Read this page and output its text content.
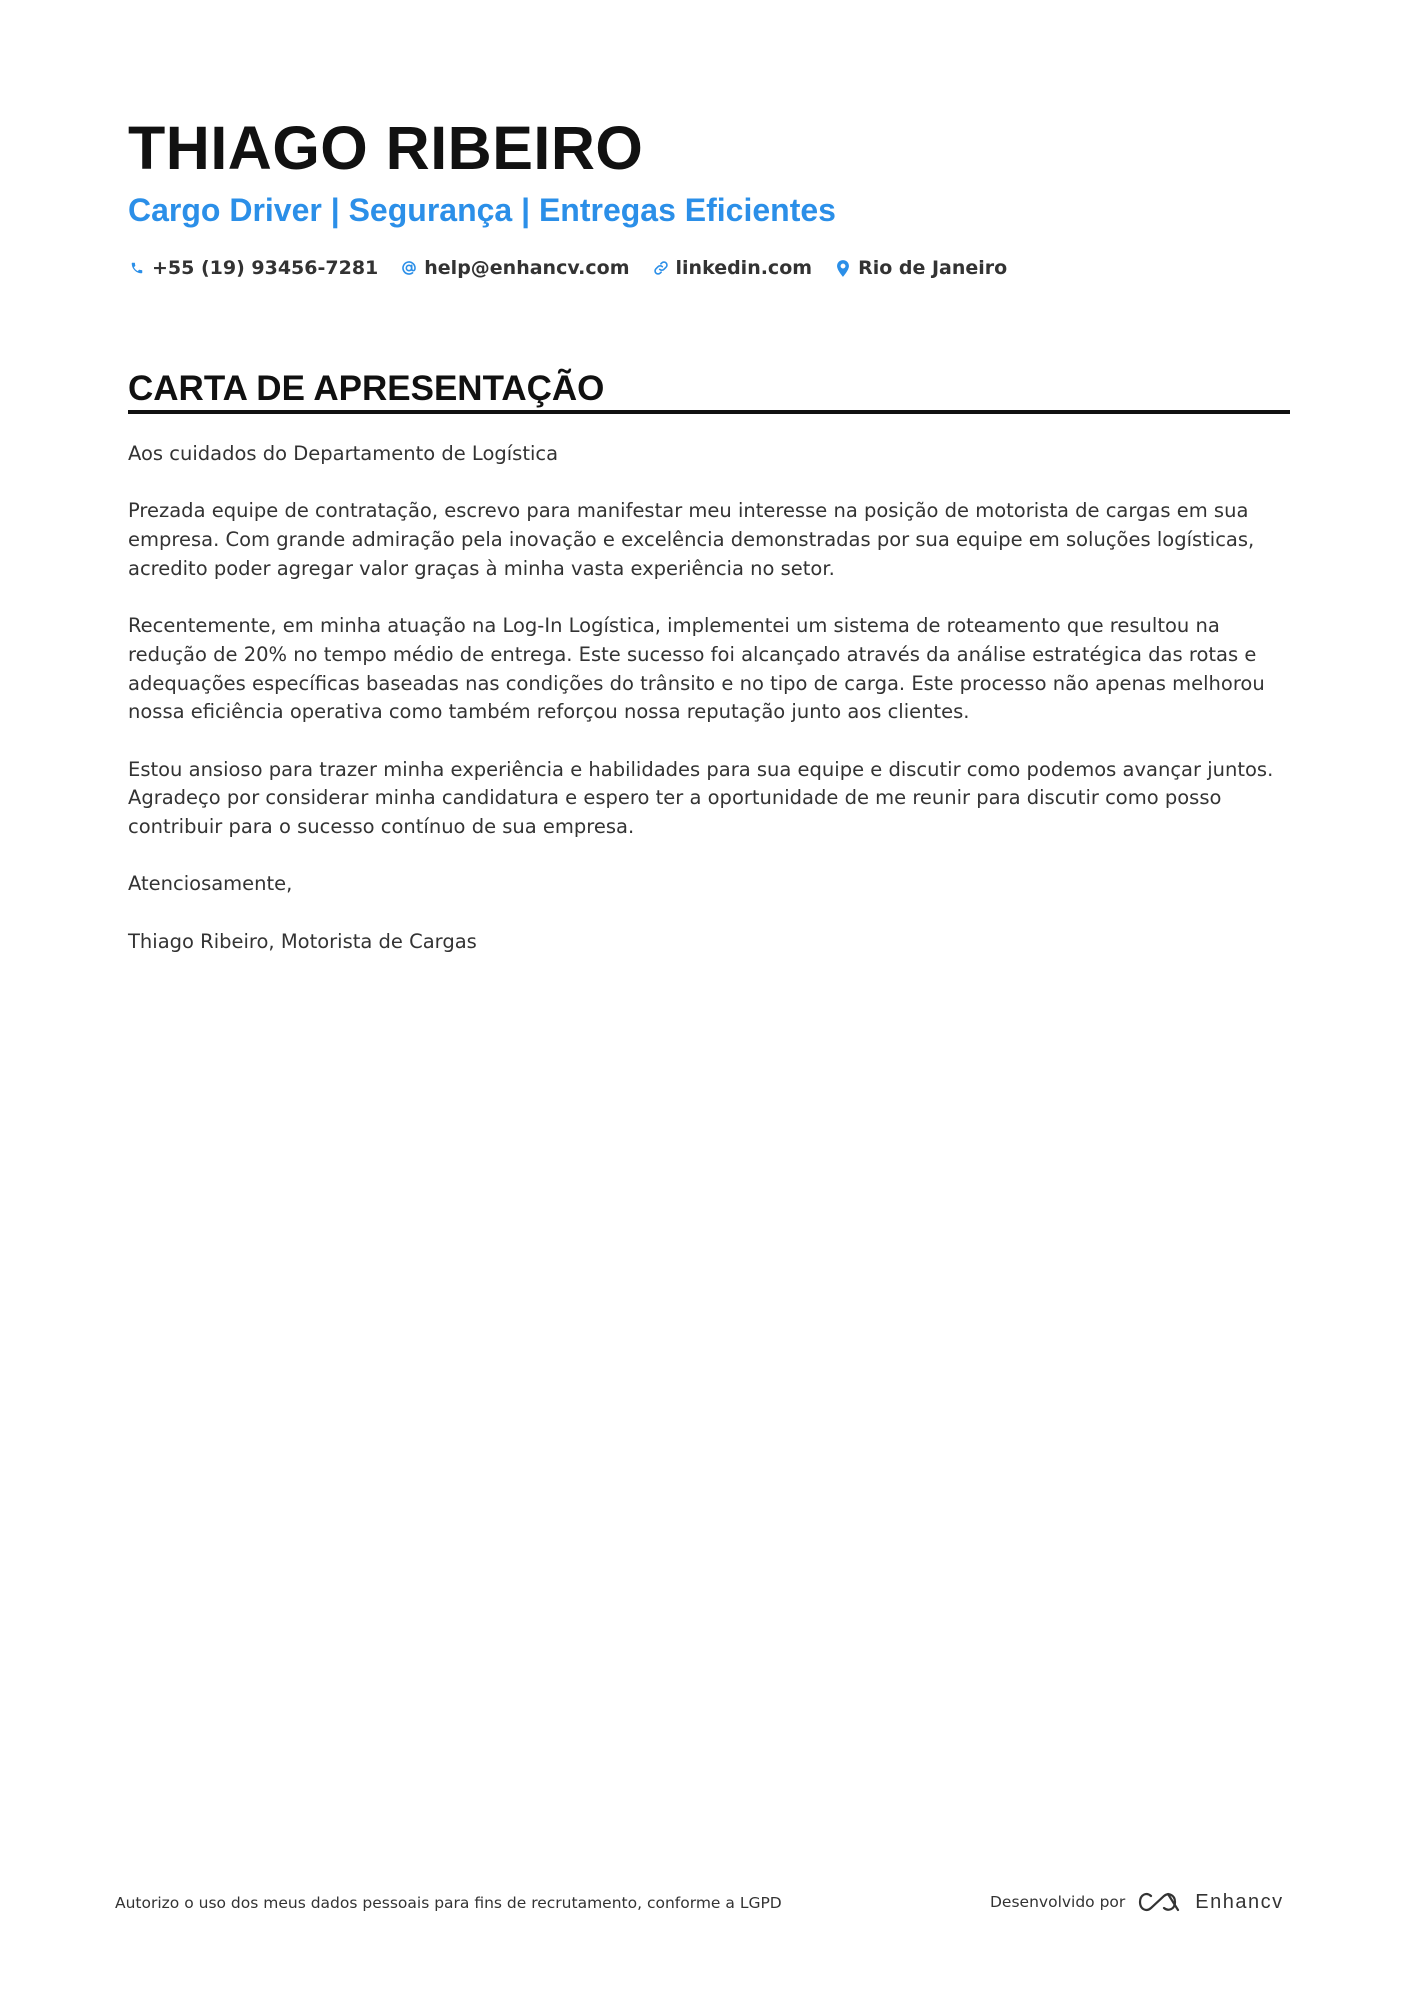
THIAGO RIBEIRO
Cargo Driver | Segurança | Entregas Eficientes
+55 (19) 93456-7281 help@enhancv.com linkedin.com Rio de Janeiro
CARTA DE APRESENTAÇÃO

Aos cuidados do Departamento de Logística

Prezada equipe de contratação, escrevo para manifestar meu interesse na posição de motorista de cargas em sua empresa. Com grande admiração pela inovação e excelência demonstradas por sua equipe em soluções logísticas, acredito poder agregar valor graças à minha vasta experiência no setor.

Recentemente, em minha atuação na Log-In Logística, implementei um sistema de roteamento que resultou na redução de 20% no tempo médio de entrega. Este sucesso foi alcançado através da análise estratégica das rotas e adequações específicas baseadas nas condições do trânsito e no tipo de carga. Este processo não apenas melhorou nossa eficiência operativa como também reforçou nossa reputação junto aos clientes.

Estou ansioso para trazer minha experiência e habilidades para sua equipe e discutir como podemos avançar juntos. Agradeço por considerar minha candidatura e espero ter a oportunidade de me reunir para discutir como posso contribuir para o sucesso contínuo de sua empresa.

Atenciosamente,

Thiago Ribeiro, Motorista de Cargas

Autorizo o uso dos meus dados pessoais para fins de recrutamento, conforme a LGPD	Desenvolvido por	Enhancv
